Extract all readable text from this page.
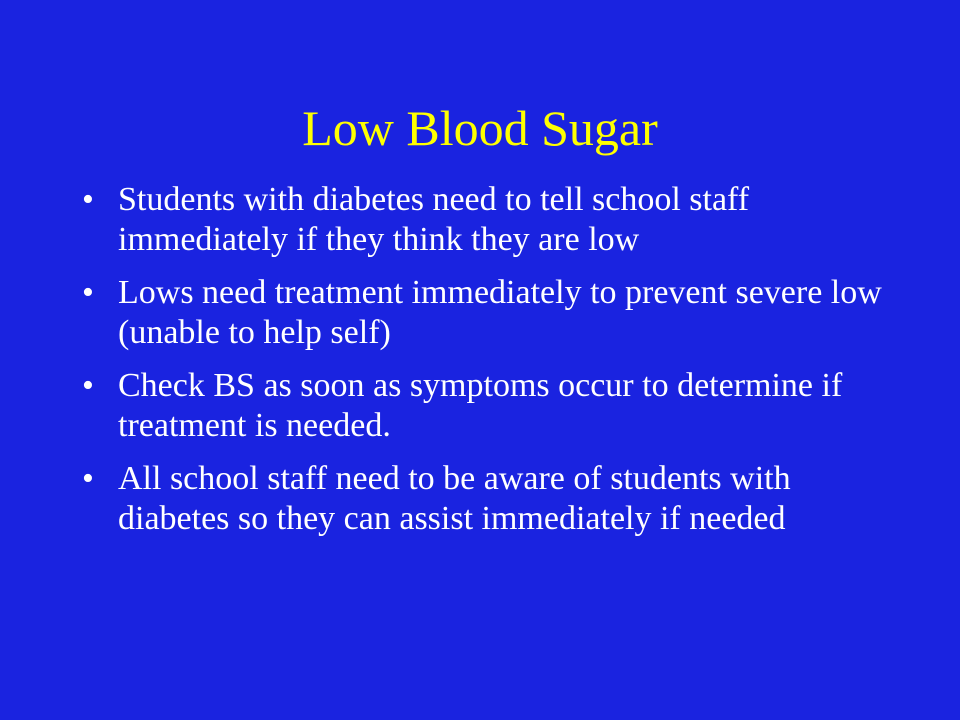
Low Blood Sugar
• Students with diabetes need to tell school staff immediately if they think they are low
• Lows need treatment immediately to prevent severe low (unable to help self)
• Check BS as soon as symptoms occur to determine if treatment is needed.
• All school staff need to be aware of students with diabetes so they can assist immediately if needed
